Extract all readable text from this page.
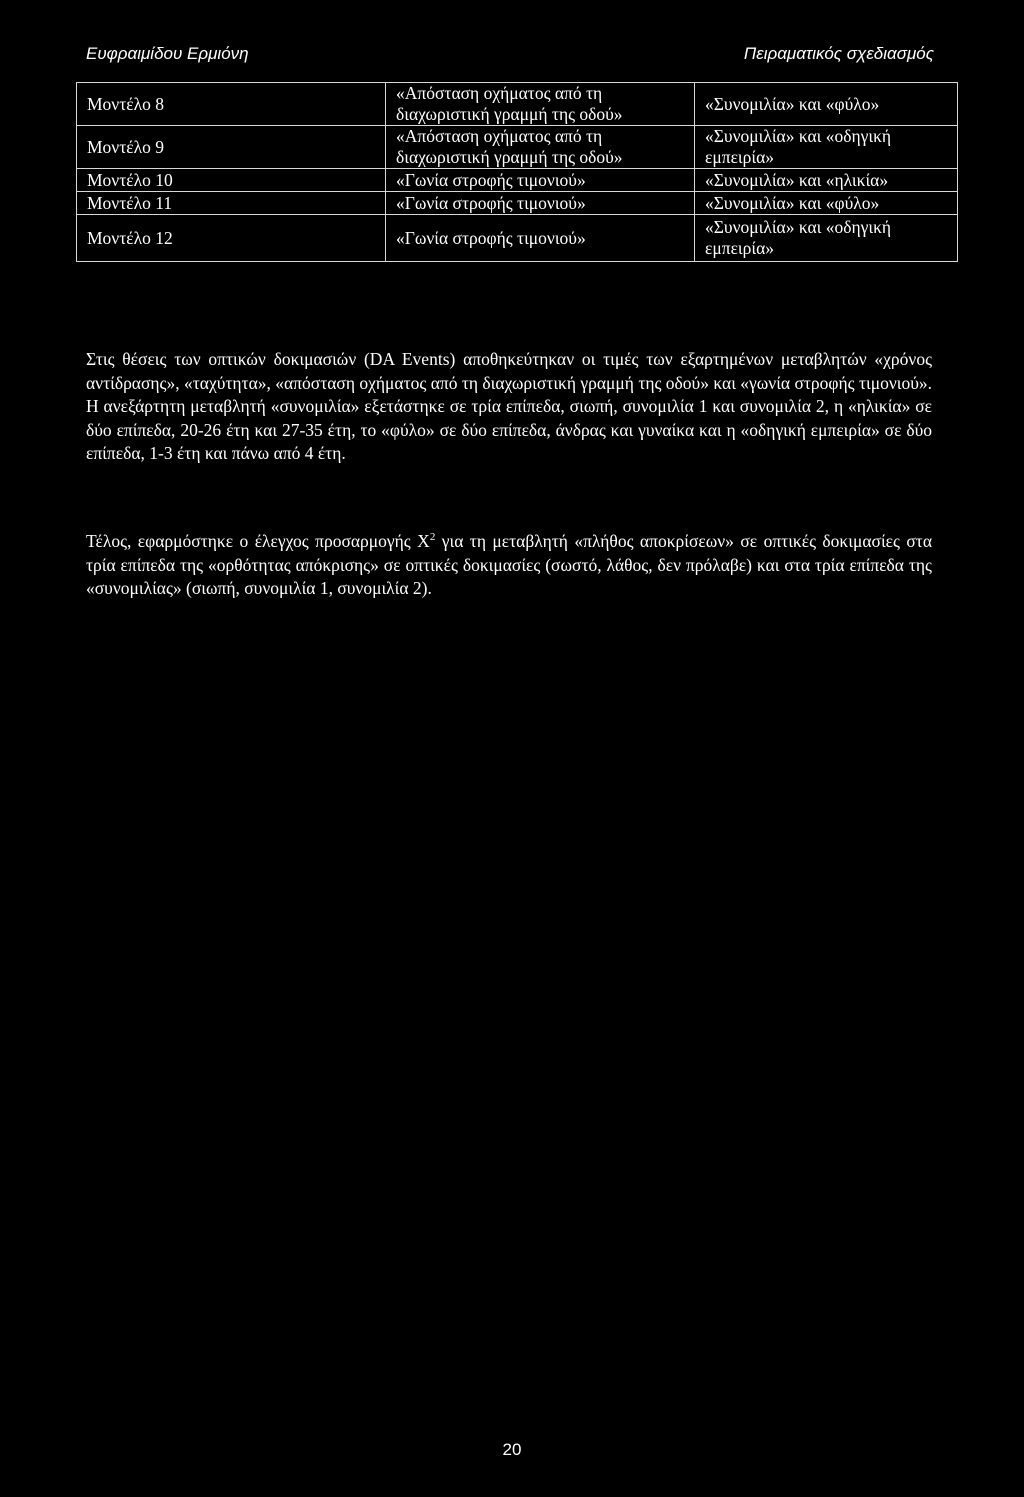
Ευφραιμίδου Ερμιόνη	Πειραματικός σχεδιασμός
Μοντέλο 8	«Απόσταση οχήματος από τη διαχωριστική γραμμή της οδού»	«Συνομιλία» και «φύλο»
Μοντέλο 9	«Απόσταση οχήματος από τη διαχωριστική γραμμή της οδού»	«Συνομιλία» και «οδηγική εμπειρία»
Μοντέλο 10	«Γωνία στροφής τιμονιού»	«Συνομιλία» και «ηλικία»
Μοντέλο 11	«Γωνία στροφής τιμονιού»	«Συνομιλία» και «φύλο»
Μοντέλο 12	«Γωνία στροφής τιμονιού»	«Συνομιλία» και «οδηγική εμπειρία»

Στις θέσεις των οπτικών δοκιμασιών (DA Events) αποθηκεύτηκαν οι τιμές των εξαρτημένων μεταβλητών «χρόνος αντίδρασης», «ταχύτητα», «απόσταση οχήματος από τη διαχωριστική γραμμή της οδού» και «γωνία στροφής τιμονιού». Η ανεξάρτητη μεταβλητή «συνομιλία» εξετάστηκε σε τρία επίπεδα, σιωπή, συνομιλία 1 και συνομιλία 2, η «ηλικία» σε δύο επίπεδα, 20-26 έτη και 27-35 έτη, το «φύλο» σε δύο επίπεδα, άνδρας και γυναίκα και η «οδηγική εμπειρία» σε δύο επίπεδα, 1-3 έτη και πάνω από 4 έτη.

Τέλος, εφαρμόστηκε ο έλεγχος προσαρμογής $X^2$ για τη μεταβλητή «πλήθος αποκρίσεων» σε οπτικές δοκιμασίες στα τρία επίπεδα της «ορθότητας απόκρισης» σε οπτικές δοκιμασίες (σωστό, λάθος, δεν πρόλαβε) και στα τρία επίπεδα της «συνομιλίας» (σιωπή, συνομιλία 1, συνομιλία 2).

20
